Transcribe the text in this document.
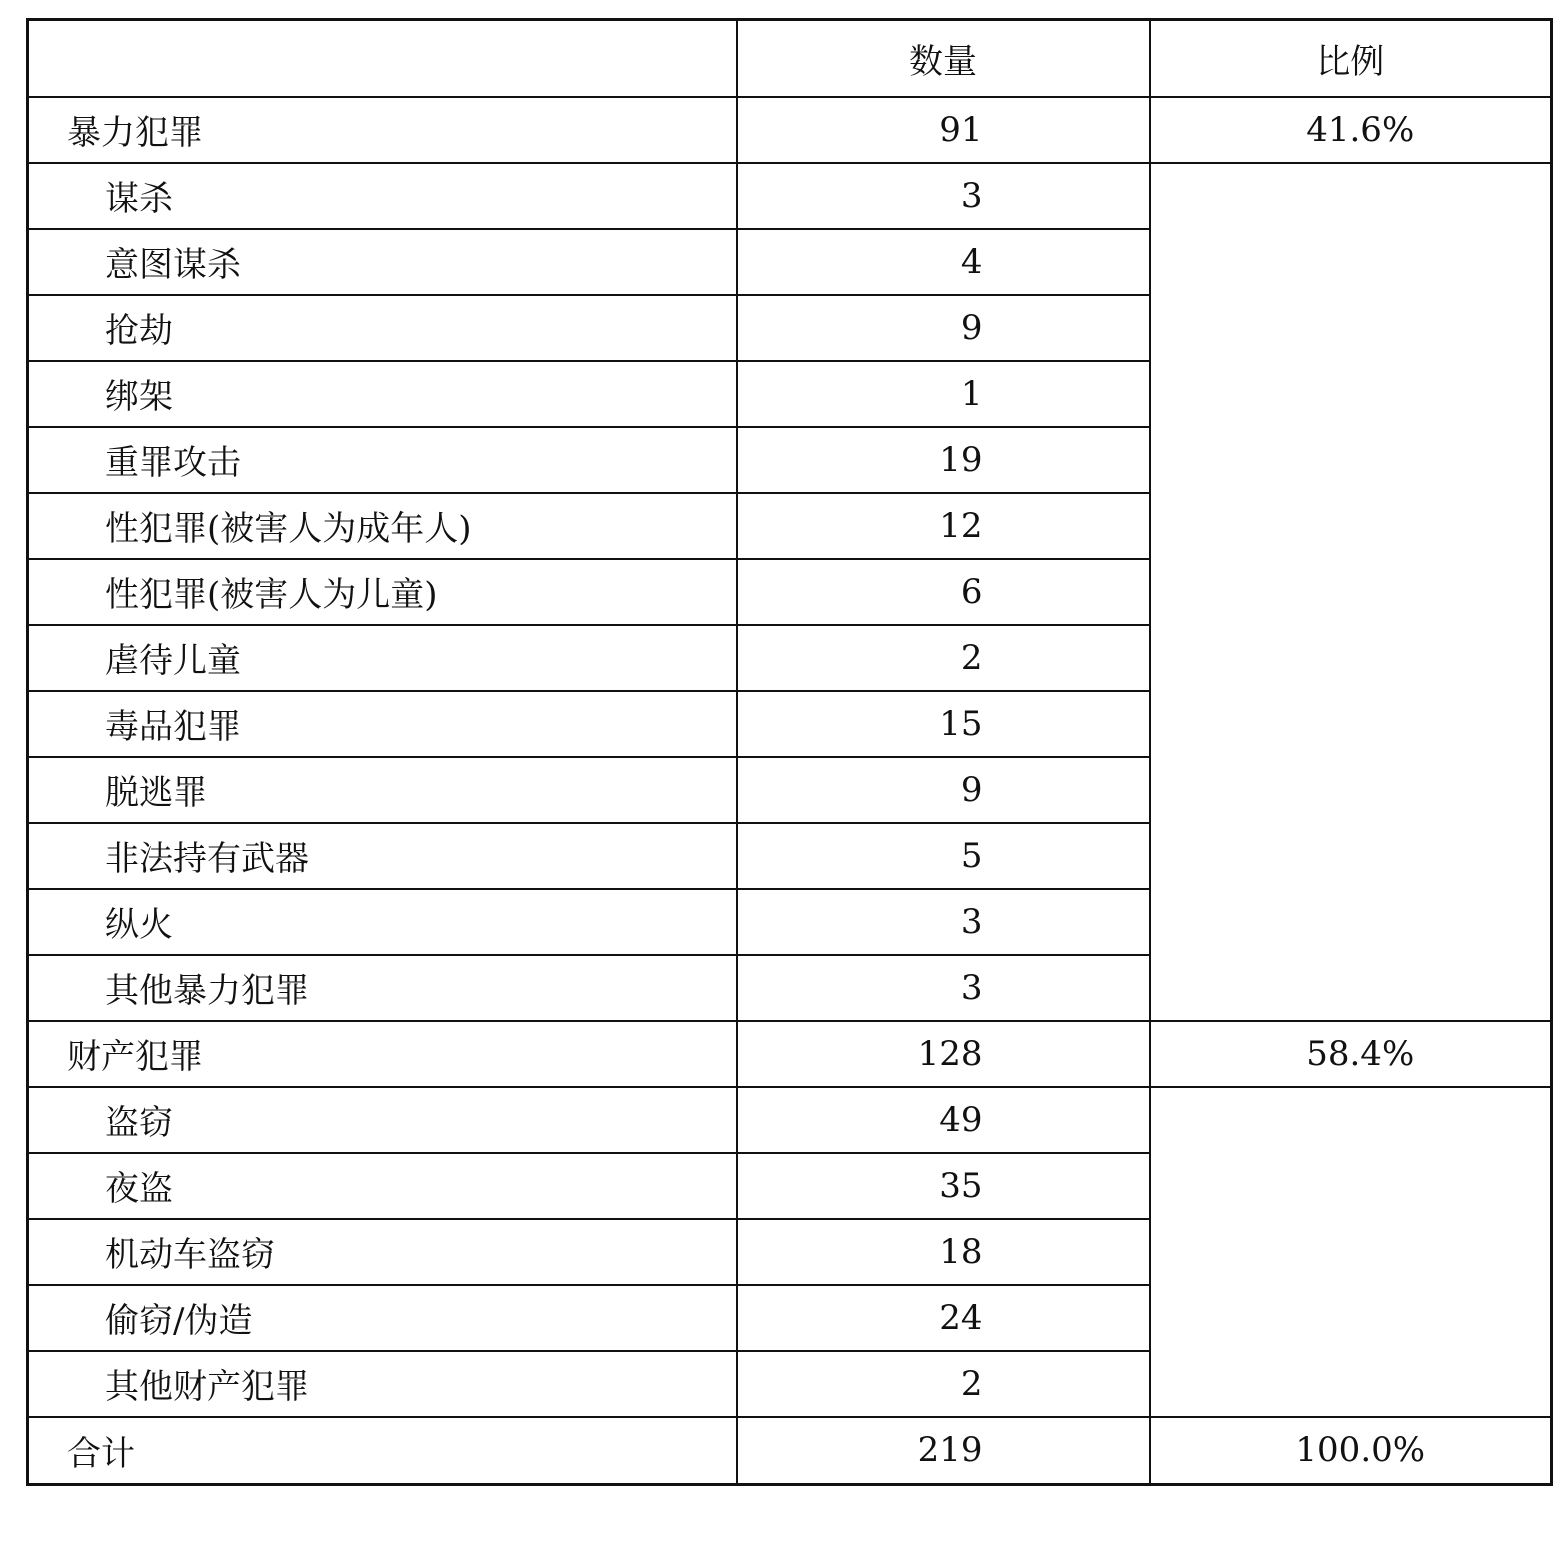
	数量	比例
暴力犯罪	91	41.6%
谋杀	3	
意图谋杀	4	
抢劫	9	
绑架	1	
重罪攻击	19	
性犯罪(被害人为成年人)	12	
性犯罪(被害人为儿童)	6	
虐待儿童	2	
毒品犯罪	15	
脱逃罪	9	
非法持有武器	5	
纵火	3	
其他暴力犯罪	3	
财产犯罪	128	58.4%
盗窃	49	
夜盗	35	
机动车盗窃	18	
偷窃/伪造	24	
其他财产犯罪	2	
合计	219	100.0%
